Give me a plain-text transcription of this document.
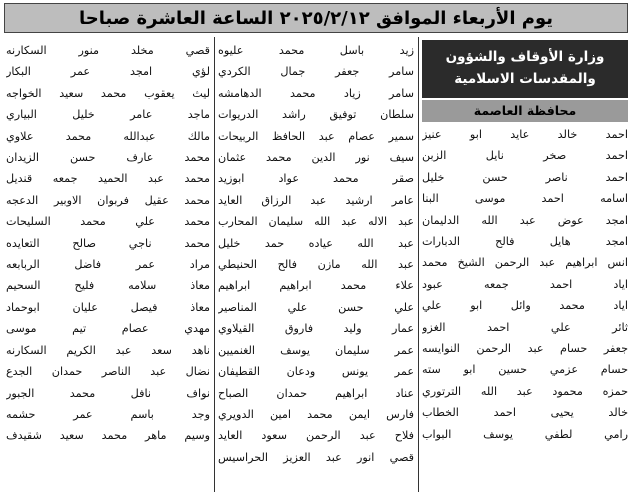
يوم الأربعاء الموافق ٢٠٢٥/٢/١٢ الساعة العاشرة صباحا
وزارة الأوقاف والشؤون
والمقدسات الاسلامية
محافظة العاصمة
احمد خالد عايد ابو عنيز
احمد صخر نايل الزبن
احمد ناصر حسن خليل
اسامه احمد موسى البنا
امجد عوض عبد الله الدليمان
امجد هايل فالح الدبارات
انس ابراهيم عبد الرحمن الشيخ محمد
اياد احمد جمعه عبود
اياد محمد وائل ابو علي
ثائر علي احمد الغزو
جعفر حسام عبد الرحمن النوايسه
حسام عزمي حسين ابو سته
حمزه محمود عبد الله الترتوري
خالد يحيى احمد الخطاب
رامي لطفي يوسف البواب
زيد باسل محمد عليوه
سامر جعفر جمال الكردي
سامر زياد محمد الدهامشه
سلطان توفيق راشد الدريوات
سمير عصام عبد الحافظ الربيحات
سيف نور الدين محمد عثمان
صقر محمد عواد ابوزيد
عامر ارشيد عبد الرزاق العايد
عبد الاله عبد الله سليمان المحارب
عبد الله عياده حمد خليل
عبد الله مازن فالح الحنيطي
علاء محمد ابراهيم ابراهيم
علي حسن علي المناصير
عمار وليد فاروق القيلاوي
عمر سليمان يوسف الغنميين
عمر يونس ودعان القطيفان
عناد ابراهيم حمدان الصباح
فارس ايمن محمد امين الدويري
فلاح عبد الرحمن سعود العايد
قصي انور عبد العزيز الحراسيس
قصي مخلد منور السكارنه
لؤي امجد عمر البكار
ليث يعقوب محمد سعيد الخواجه
ماجد عامر خليل البياري
مالك عبدالله محمد علاوي
محمد عارف حسن الزيدان
محمد عبد الحميد جمعه قنديل
محمد عقيل فربوان الاوبير الدعجه
محمد علي محمد السليحات
محمد ناجي صالح التعايده
مراد عمر فاضل الربابعه
معاذ سلامه فليح السحيم
معاذ فيصل عليان ابوحماد
مهدي عصام تيم موسى
ناهد سعد عبد الكريم السكارنه
نضال عبد الناصر حمدان الجدع
نواف نافل محمد الجبور
وجد باسم عمر حشمه
وسيم ماهر محمد سعيد شقيدف
